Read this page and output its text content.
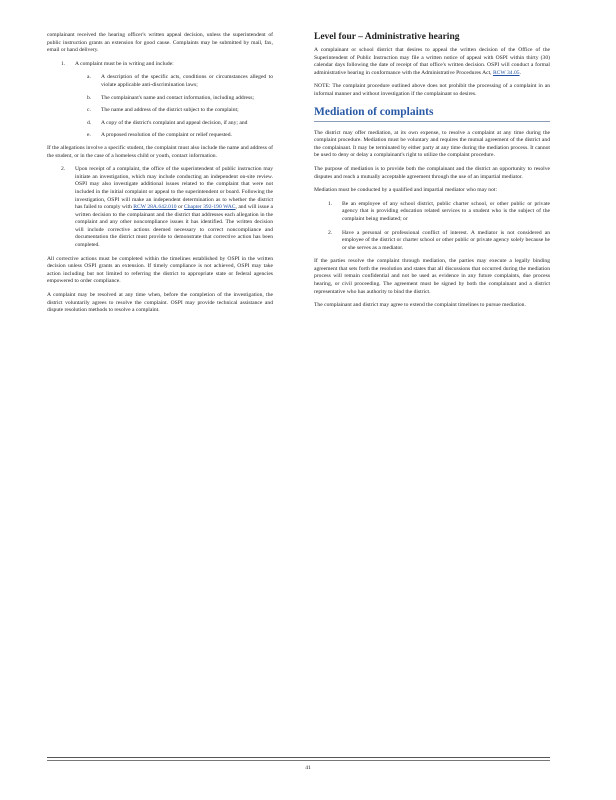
complainant received the hearing officer's written appeal decision, unless the superintendent of public instruction grants an extension for good cause. Complaints may be submitted by mail, fax, email or hand delivery.

1.	A complaint must be in writing and include:
a.	A description of the specific acts, conditions or circumstances alleged to violate applicable anti-discrimination laws;
b.	The complainant's name and contact information, including address;
c.	The name and address of the district subject to the complaint;
d.	A copy of the district's complaint and appeal decision, if any; and
e.	A proposed resolution of the complaint or relief requested.

If the allegations involve a specific student, the complaint must also include the name and address of the student, or in the case of a homeless child or youth, contact information.

2.	Upon receipt of a complaint, the office of the superintendent of public instruction may initiate an investigation, which may include conducting an independent on-site review. OSPI may also investigate additional issues related to the complaint that were not included in the initial complaint or appeal to the superintendent or board. Following the investigation, OSPI will make an independent determination as to whether the district has failed to comply with RCW 28A.642.010 or Chapter 392-190 WAC, and will issue a written decision to the complainant and the district that addresses each allegation in the complaint and any other noncompliance issues it has identified. The written decision will include corrective actions deemed necessary to correct noncompliance and documentation the district must provide to demonstrate that corrective action has been completed.

All corrective actions must be completed within the timelines established by OSPI in the written decision unless OSPI grants an extension. If timely compliance is not achieved, OSPI may take action including but not limited to referring the district to appropriate state or federal agencies empowered to order compliance.

A complaint may be resolved at any time when, before the completion of the investigation, the district voluntarily agrees to resolve the complaint. OSPI may provide technical assistance and dispute resolution methods to resolve a complaint.

Level four – Administrative hearing

A complainant or school district that desires to appeal the written decision of the Office of the Superintendent of Public Instruction may file a written notice of appeal with OSPI within thirty (30) calendar days following the date of receipt of that office's written decision. OSPI will conduct a formal administrative hearing in conformance with the Administrative Procedures Act, RCW 34.05.

NOTE: The complaint procedure outlined above does not prohibit the processing of a complaint in an informal manner and without investigation if the complainant so desires.

Mediation of complaints

The district may offer mediation, at its own expense, to resolve a complaint at any time during the complaint procedure. Mediation must be voluntary and requires the mutual agreement of the district and the complainant. It may be terminated by either party at any time during the mediation process. It cannot be used to deny or delay a complainant's right to utilize the complaint procedure.

The purpose of mediation is to provide both the complainant and the district an opportunity to resolve disputes and reach a mutually acceptable agreement through the use of an impartial mediator.

Mediation must be conducted by a qualified and impartial mediator who may not:

1.	Be an employee of any school district, public charter school, or other public or private agency that is providing education related services to a student who is the subject of the complaint being mediated; or
2.	Have a personal or professional conflict of interest. A mediator is not considered an employee of the district or charter school or other public or private agency solely because he or she serves as a mediator.

If the parties resolve the complaint through mediation, the parties may execute a legally binding agreement that sets forth the resolution and states that all discussions that occurred during the mediation process will remain confidential and not be used as evidence in any future complaints, due process hearing, or civil proceeding. The agreement must be signed by both the complainant and a district representative who has authority to bind the district.

The complainant and district may agree to extend the complaint timelines to pursue mediation.

41
